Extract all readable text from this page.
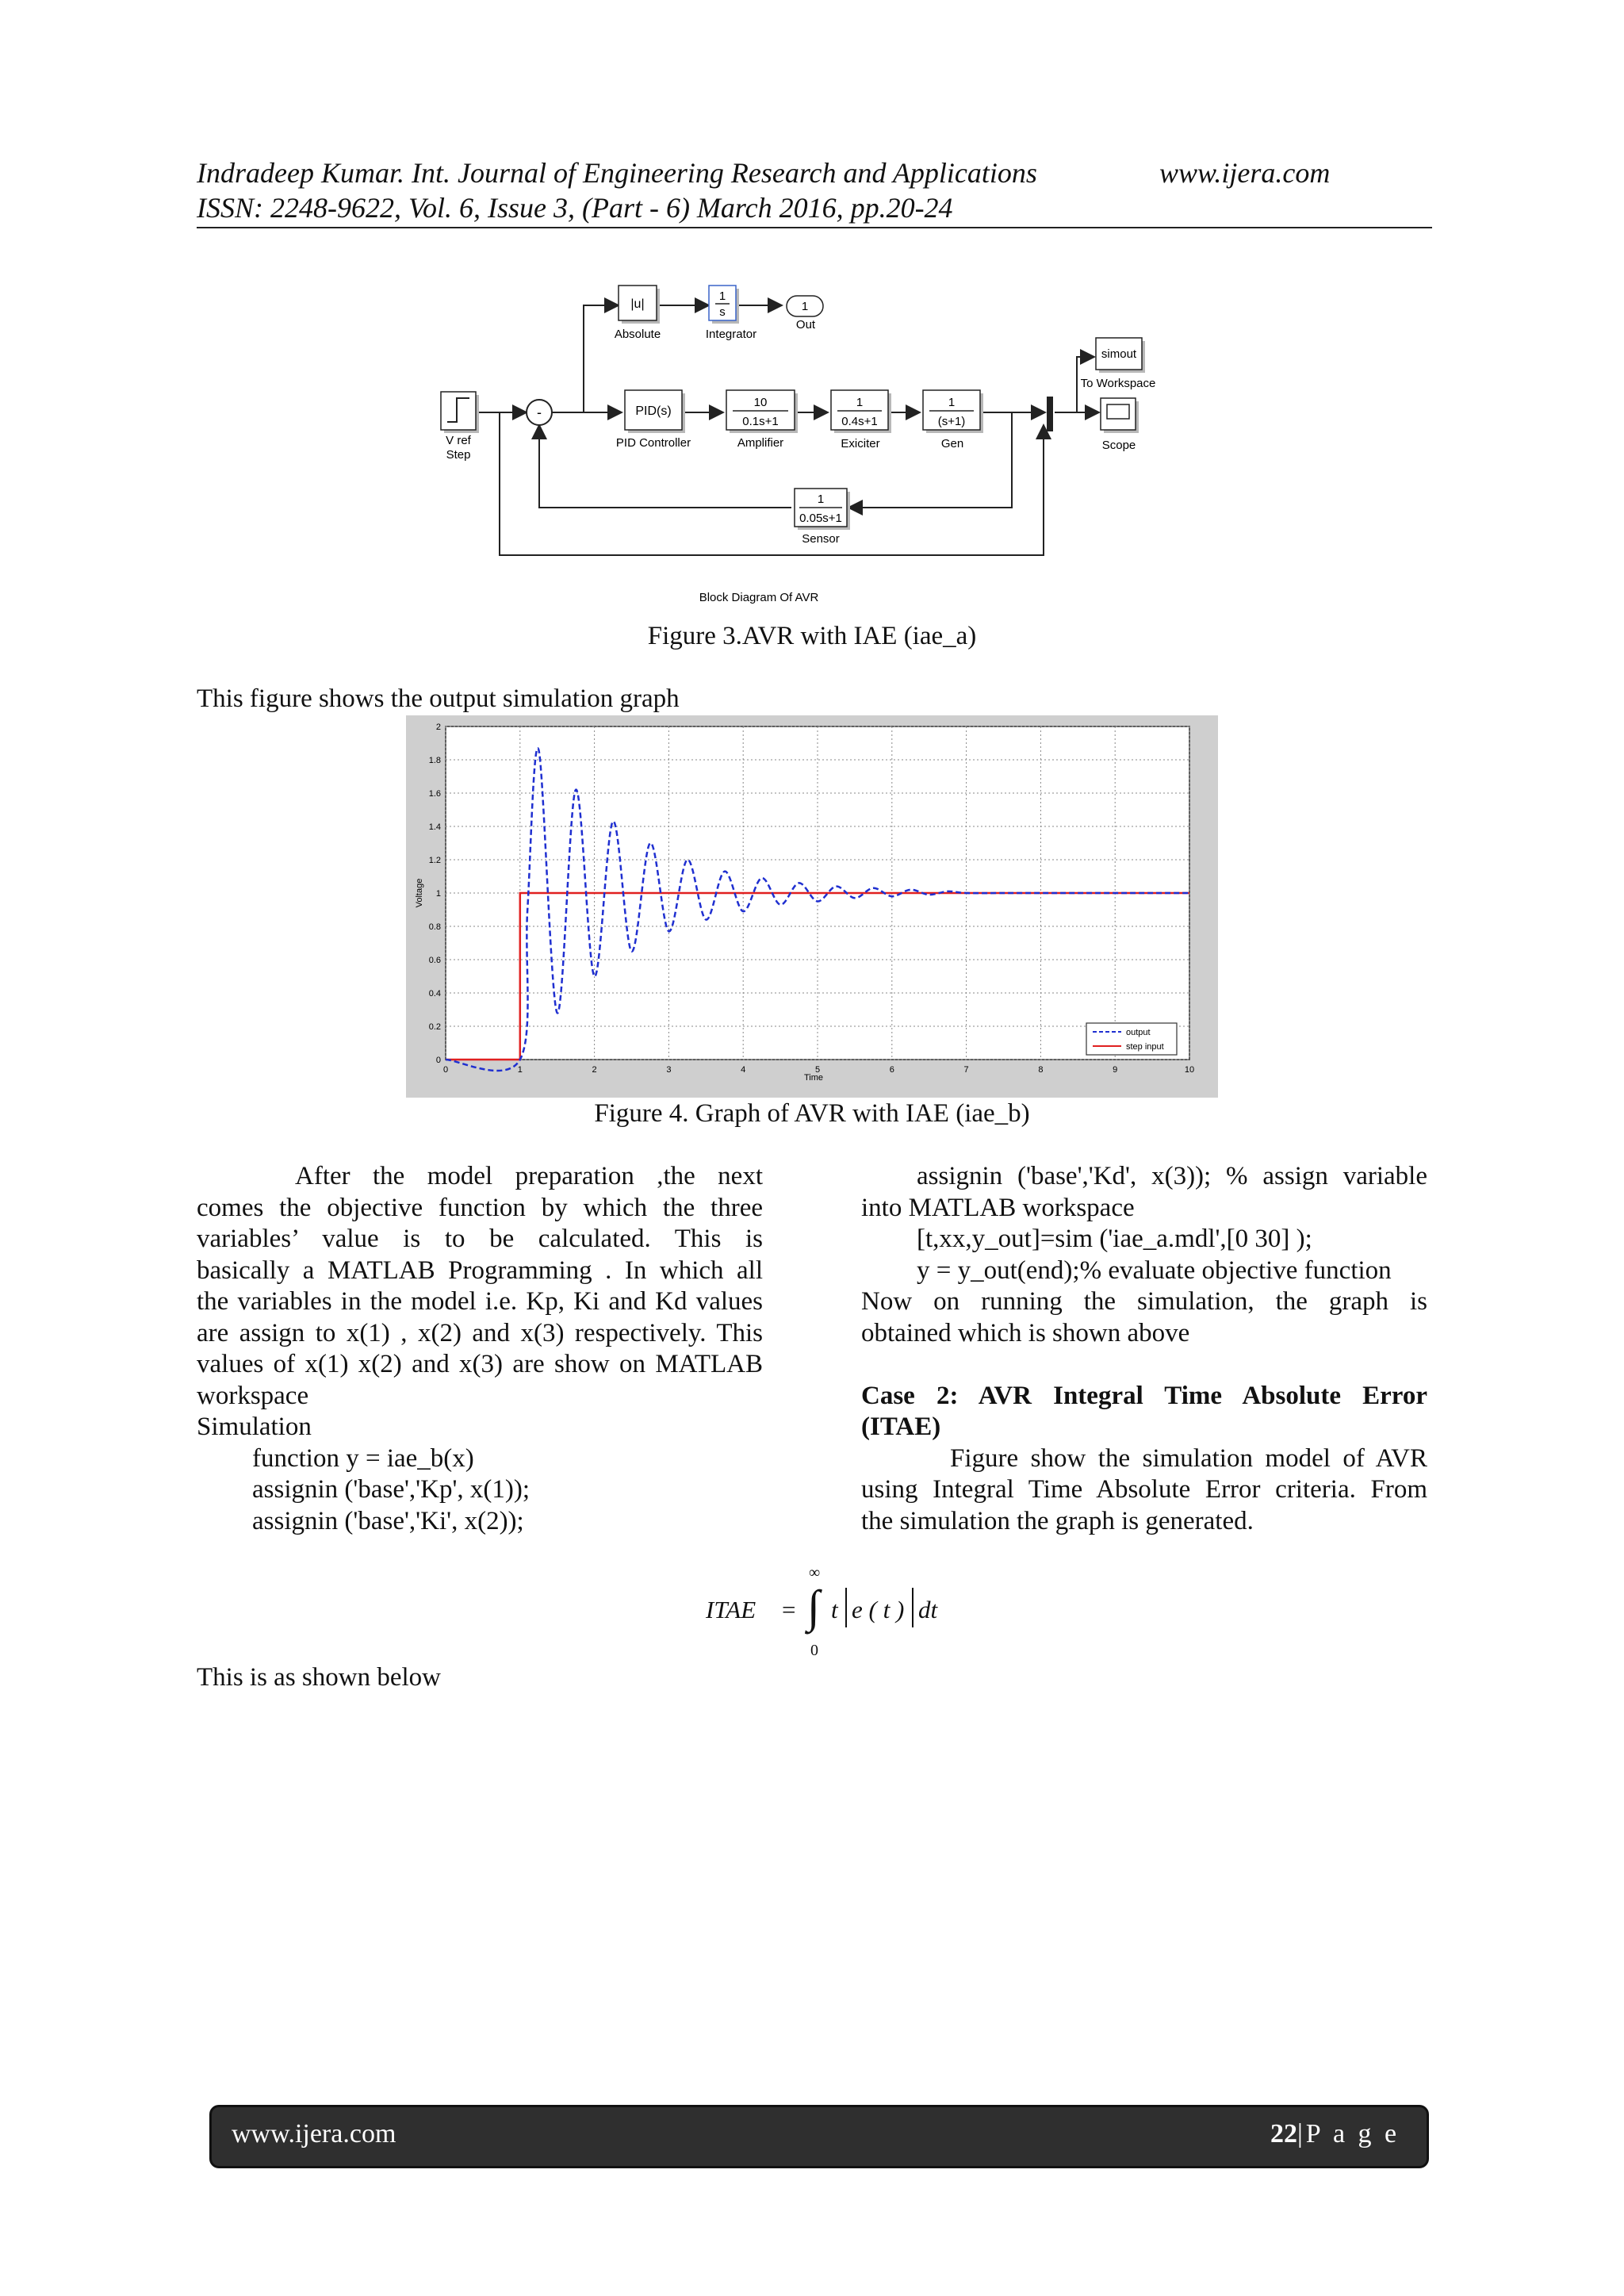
Indradeep Kumar. Int. Journal of Engineering Research and Applications	www.ijera.com
ISSN: 2248-9622, Vol. 6, Issue 3, (Part - 6) March 2016, pp.20-24
|u|
Absolute
1
s
Integrator
1
Out
simout
To Workspace
V ref
Step
-	PID(s)
PID Controller
10
0.1s+1
Amplifier
1
0.4s+1
Exiciter
1
(s+1)
Gen	Scope
1
0.05s+1
Sensor
Block Diagram Of AVR
Figure 3.AVR with IAE (iae_a)
This figure shows the output simulation graph
0	1	2	3	4	5	6	7	8	9	10
0
0.2
0.4
0.6
0.8
1
1.2
1.4
1.6
1.8
2
Time
Voltage
output
step input
Figure 4. Graph of AVR with IAE (iae_b)
After the model preparation ,the next
comes the objective function by which the three
variables’ value is to be calculated. This is
basically a MATLAB Programming . In which all
the variables in the model i.e. Kp, Ki and Kd values
are assign to x(1) , x(2) and x(3) respectively. This
values of x(1) x(2) and x(3) are show on MATLAB
workspace
Simulation
function y = iae_b(x)
assignin ('base','Kp', x(1));
assignin ('base','Ki', x(2));
assignin ('base','Kd', x(3)); % assign variable
into MATLAB workspace
[t,xx,y_out]=sim ('iae_a.mdl',[0 30] );
y = y_out(end);% evaluate objective function
Now on running the simulation, the graph is
obtained which is shown above
Case 2: AVR Integral Time Absolute Error
(ITAE)
Figure show the simulation model of AVR
using Integral Time Absolute Error criteria. From
the simulation the graph is generated.
ITAE =
∞
∫
0
t e ( t ) dt
This is as shown below
www.ijera.com	22|P a g e
